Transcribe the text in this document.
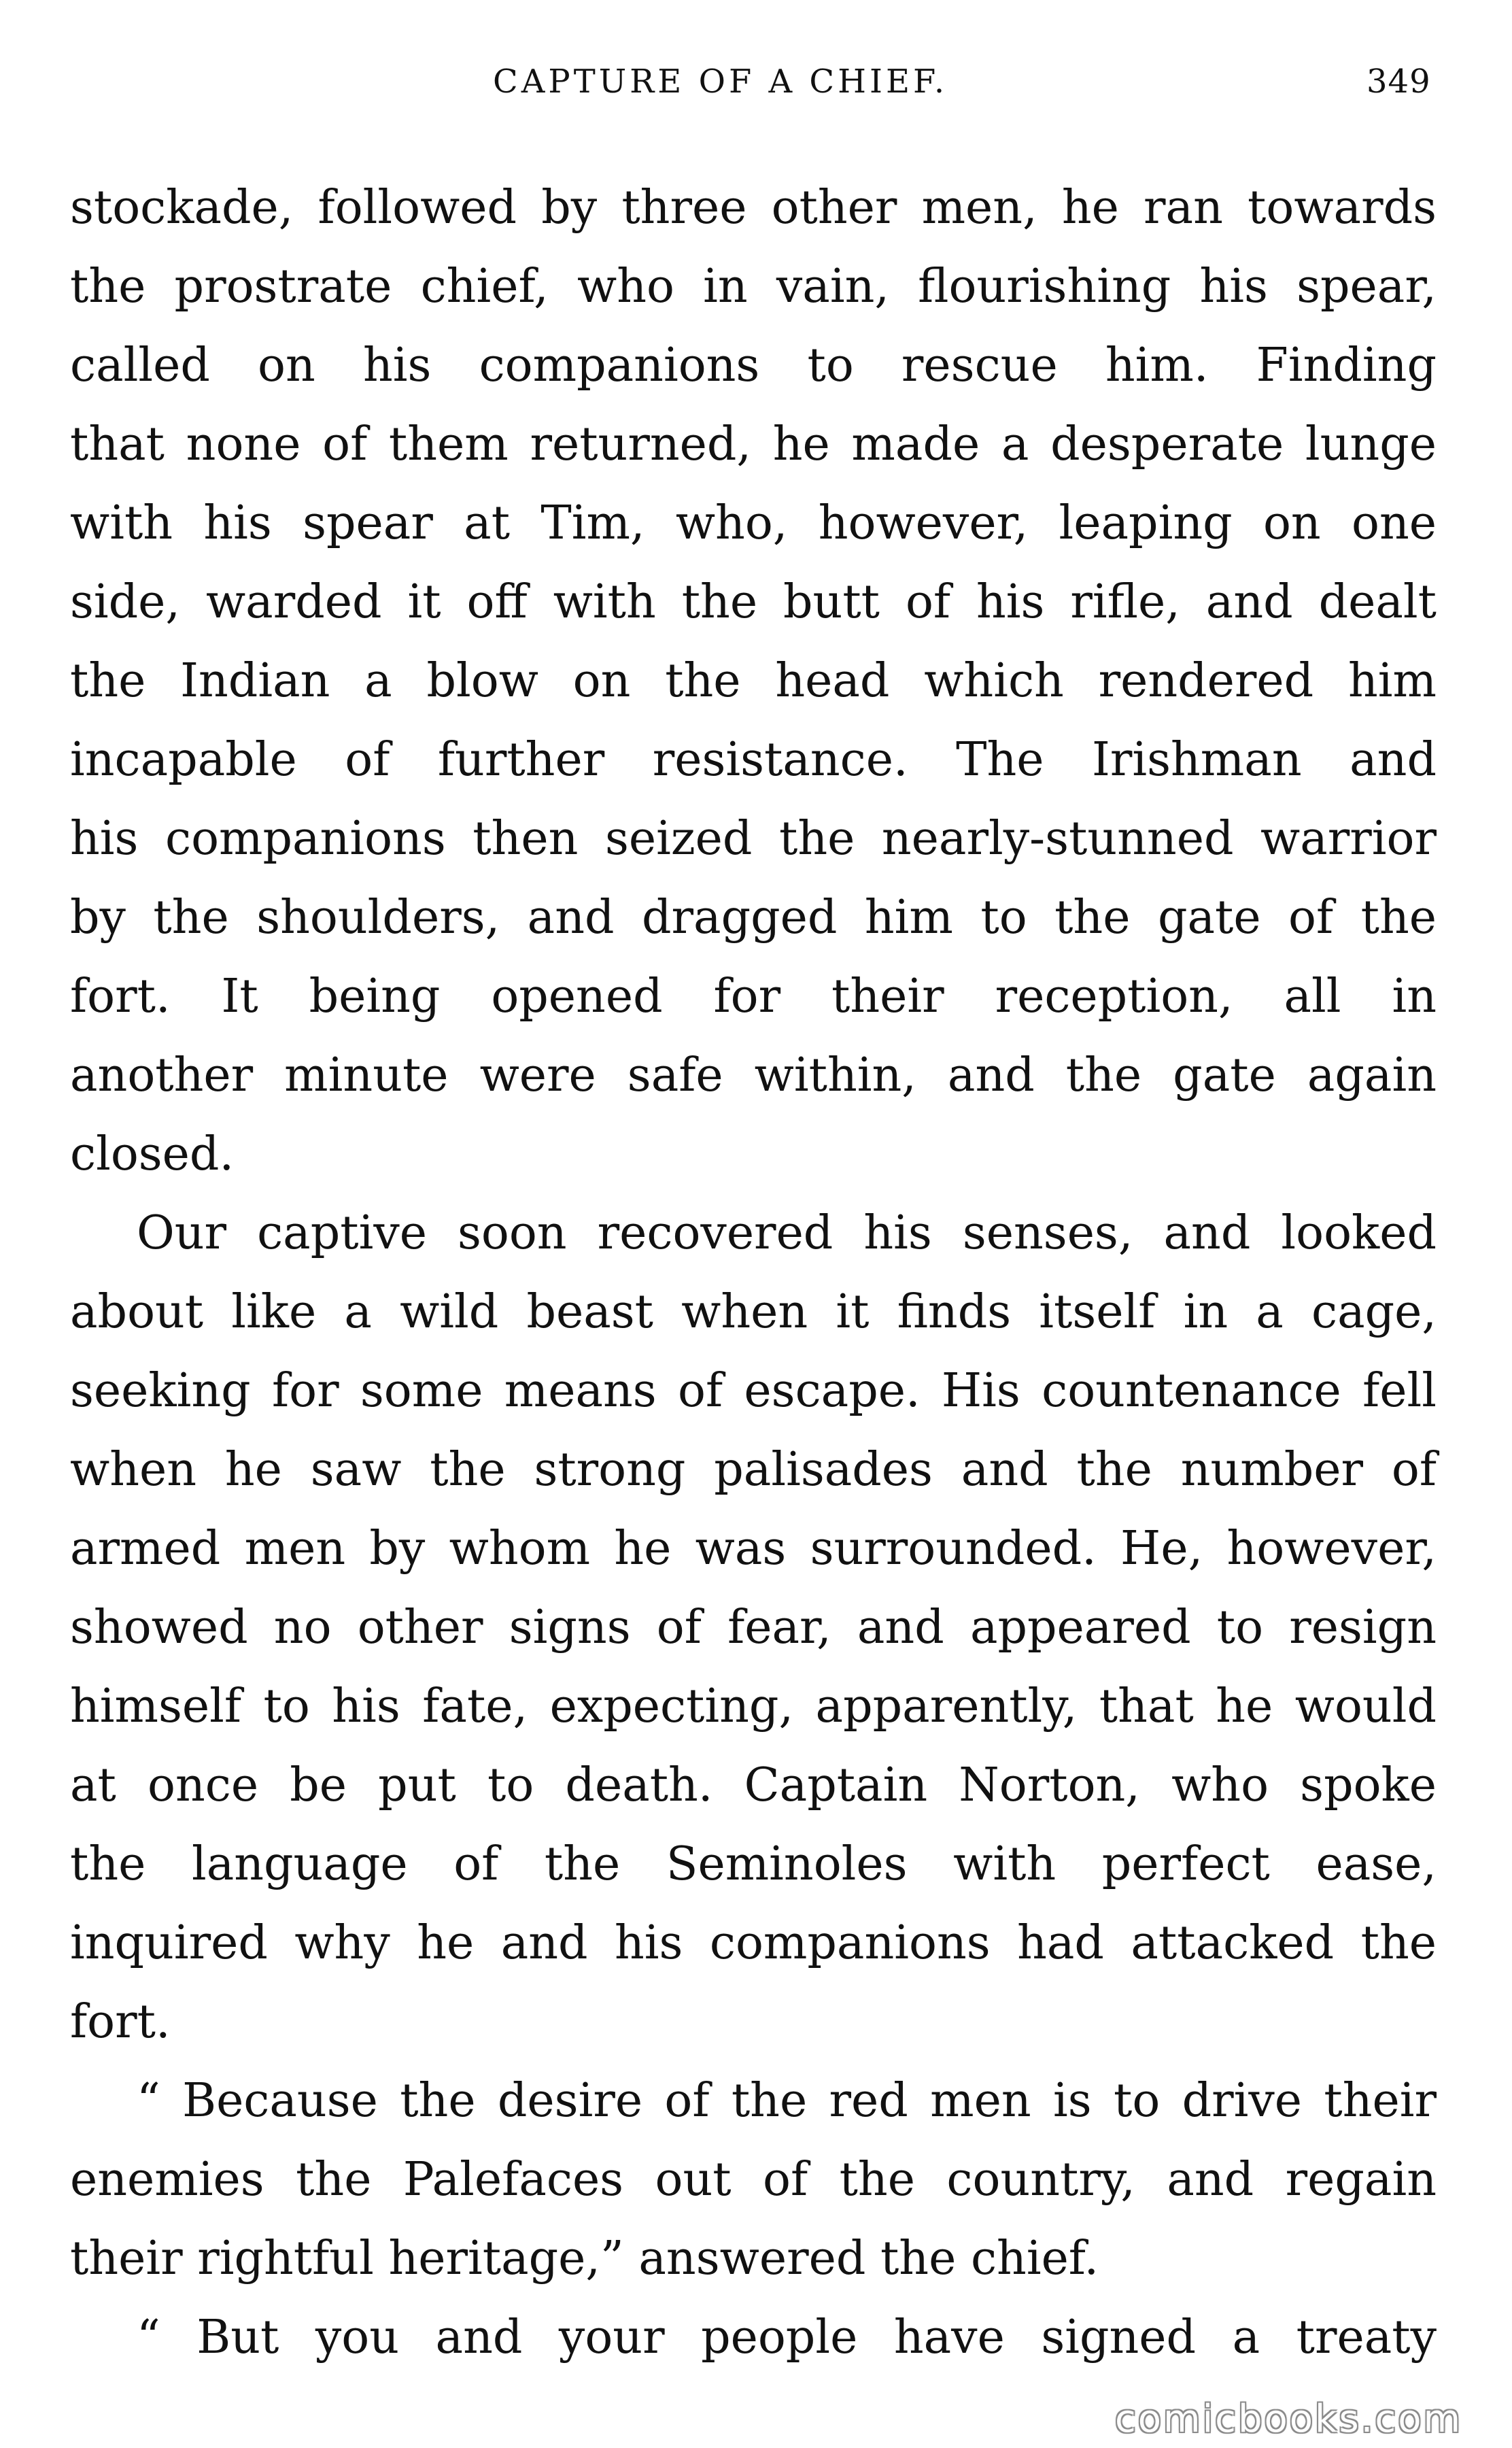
CAPTURE OF A CHIEF.	349
stockade, followed by three other men, he ran towards
the prostrate chief, who in vain, flourishing his spear,
called on his companions to rescue him. Finding
that none of them returned, he made a desperate lunge
with his spear at Tim, who, however, leaping on one
side, warded it off with the butt of his rifle, and dealt
the Indian a blow on the head which rendered him
incapable of further resistance. The Irishman and
his companions then seized the nearly-stunned warrior
by the shoulders, and dragged him to the gate of the
fort. It being opened for their reception, all in
another minute were safe within, and the gate again
closed.
Our captive soon recovered his senses, and looked
about like a wild beast when it finds itself in a cage,
seeking for some means of escape. His countenance fell
when he saw the strong palisades and the number of
armed men by whom he was surrounded. He, however,
showed no other signs of fear, and appeared to resign
himself to his fate, expecting, apparently, that he would
at once be put to death. Captain Norton, who spoke
the language of the Seminoles with perfect ease,
inquired why he and his companions had attacked the
fort.
“ Because the desire of the red men is to drive their
enemies the Palefaces out of the country, and regain
their rightful heritage,” answered the chief.
“ But you and your people have signed a treaty
comicbooks.com
